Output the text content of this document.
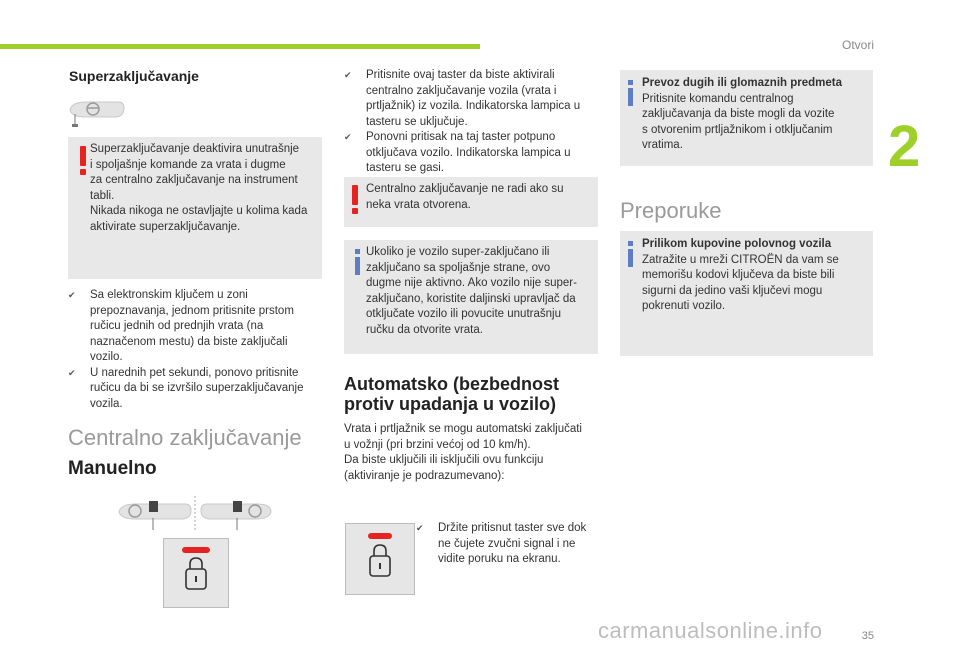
Otvori
2
35
carmanualsonline.info
Superzaključavanje
Superzaključavanje deaktivira unutrašnje
i spoljašnje komande za vrata i dugme
za centralno zaključavanje na instrument
tabli.
Nikada nikoga ne ostavljajte u kolima kada
aktivirate superzaključavanje.
✔ Sa elektronskim ključem u zoni
prepoznavanja, jednom pritisnite prstom
ručicu jednih od prednjih vrata (na
naznačenom mestu) da biste zaključali
vozilo.
✔ U narednih pet sekundi, ponovo pritisnite
ručicu da bi se izvršilo superzaključavanje
vozila.
Centralno zaključavanje
Manuelno
✔ Pritisnite ovaj taster da biste aktivirali
centralno zaključavanje vozila (vrata i
prtljažnik) iz vozila. Indikatorska lampica u
tasteru se uključuje.
✔ Ponovni pritisak na taj taster potpuno
otključava vozilo. Indikatorska lampica u
tasteru se gasi.
Centralno zaključavanje ne radi ako su
neka vrata otvorena.
Ukoliko je vozilo super-zaključano ili
zaključano sa spoljašnje strane, ovo
dugme nije aktivno. Ako vozilo nije super-
zaključano, koristite daljinski upravljač da
otključate vozilo ili povucite unutrašnju
ručku da otvorite vrata.
Automatsko (bezbednost
protiv upadanja u vozilo)
Vrata i prtljažnik se mogu automatski zaključati
u vožnji (pri brzini većoj od 10 km/h).
Da biste uključili ili isključili ovu funkciju
(aktiviranje je podrazumevano):
✔ Držite pritisnut taster sve dok
ne čujete zvučni signal i ne
vidite poruku na ekranu.
Prevoz dugih ili glomaznih predmeta
Pritisnite komandu centralnog
zaključavanja da biste mogli da vozite
s otvorenim prtljažnikom i otključanim
vratima.
Preporuke
Prilikom kupovine polovnog vozila
Zatražite u mreži CITROËN da vam se
memorišu kodovi ključeva da biste bili
sigurni da jedino vaši ključevi mogu
pokrenuti vozilo.
